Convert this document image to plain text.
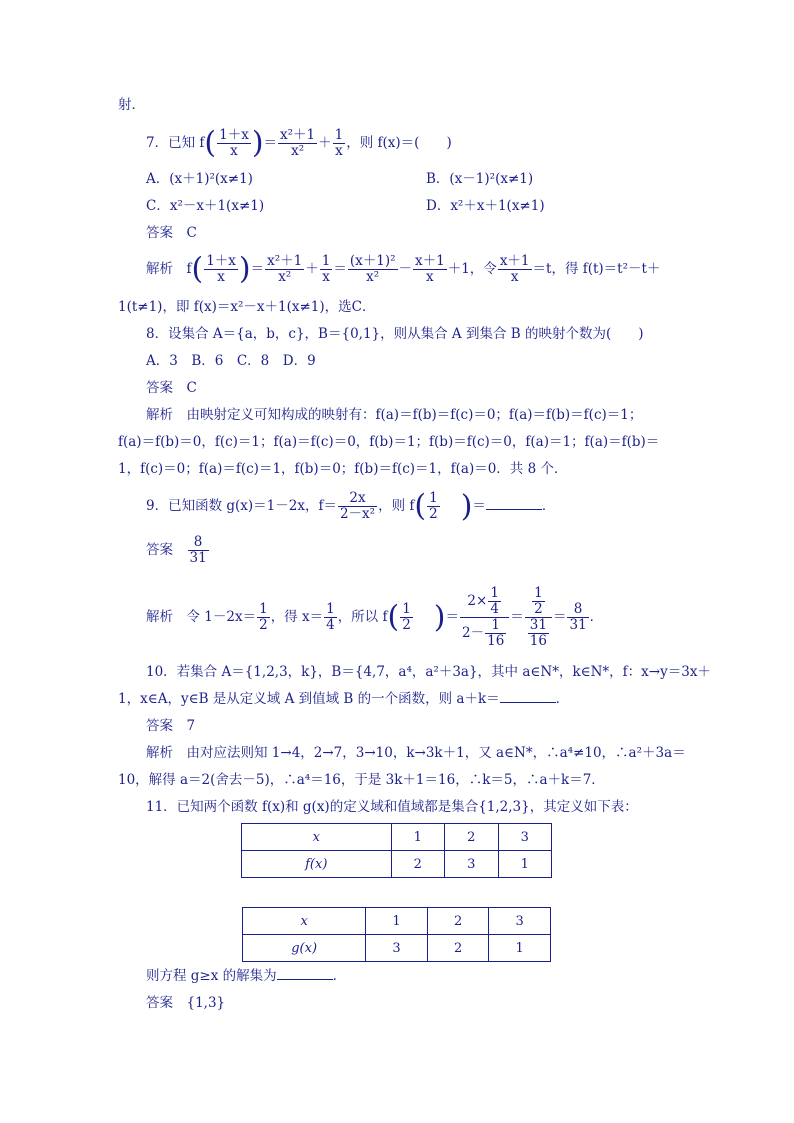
射．
7．已知 $f( \frac{1+x}{x}$ )＝ $\frac{\text{x²＋1}}{\text{x²}} + \frac{1}{x}$ ，则 f(x)＝(　　)
A．(x＋1)²(x≠1)	B．(x－1)²(x≠1)
C．x²－x＋1(x≠1)	D．x²＋x＋1(x≠1)
答案　C
解析　$f( \frac{1+x}{x}$ )＝ $\frac{\text{x²＋1}}{\text{x²}} + \frac{1}{x} = \frac{\text{(x＋1)²}}{\text{x²}} - \frac{x+1}{x} +1$，令 $\frac{x+1}{x} =t$，得 f(t)＝t²－t＋
1(t≠1)，即 f(x)＝x²－x＋1(x≠1)，选C．
8．设集合 A＝{a，b，c}，B＝{0,1}，则从集合 A 到集合 B 的映射个数为(　　)
A．3　B．6　C．8　D．9
答案　C
解析　由映射定义可知构成的映射有：f(a)＝f(b)＝f(c)＝0；f(a)＝f(b)＝f(c)＝1；
f(a)＝f(b)＝0，f(c)＝1；f(a)＝f(c)＝0，f(b)＝1；f(b)＝f(c)＝0，f(a)＝1；f(a)＝f(b)＝
1，f(c)＝0；f(a)＝f(c)＝1，f(b)＝0；f(b)＝f(c)＝1，f(a)＝0．共 8 个．
9．已知函数 g(x)＝1－2x，$f= \frac{2x}{\text{2－x²}}$ ，则 $f( \frac{1}{2}$ )＝	．
答案　 $\frac{8}{31}$
解析　令 $1-2x= \frac{1}{2}$ ，得 $x= \frac{1}{4}$ ，所以 $f( \frac{1}{2}$ )＝ $\frac{2\times \frac{1}{4}}{2- \frac{1}{16}} = \frac{\frac{1}{2}}{\frac{31}{16}} = \frac{8}{31}$ ．
10．若集合 A＝{1,2,3，k}，B＝{4,7，a⁴，a²＋3a}，其中 a∈N*，k∈N*，f：x→y＝3x＋
1，x∈A，y∈B 是从定义域 A 到值域 B 的一个函数，则 a＋k＝	．
答案　7
解析　由对应法则知 1→4，2→7，3→10，k→3k＋1，又 a∈N*，∴a⁴≠10，∴a²＋3a＝
10，解得 a＝2(舍去－5)，∴a⁴＝16，于是 3k＋1＝16，∴k＝5，∴a＋k＝7．
11．已知两个函数 f(x)和 g(x)的定义域和值域都是集合{1,2,3}，其定义如下表：
x	1	2	3
f(x)	2	3	1
x	1	2	3
g(x)	3	2	1
则方程 g≥x 的解集为	．
答案　{1,3}
